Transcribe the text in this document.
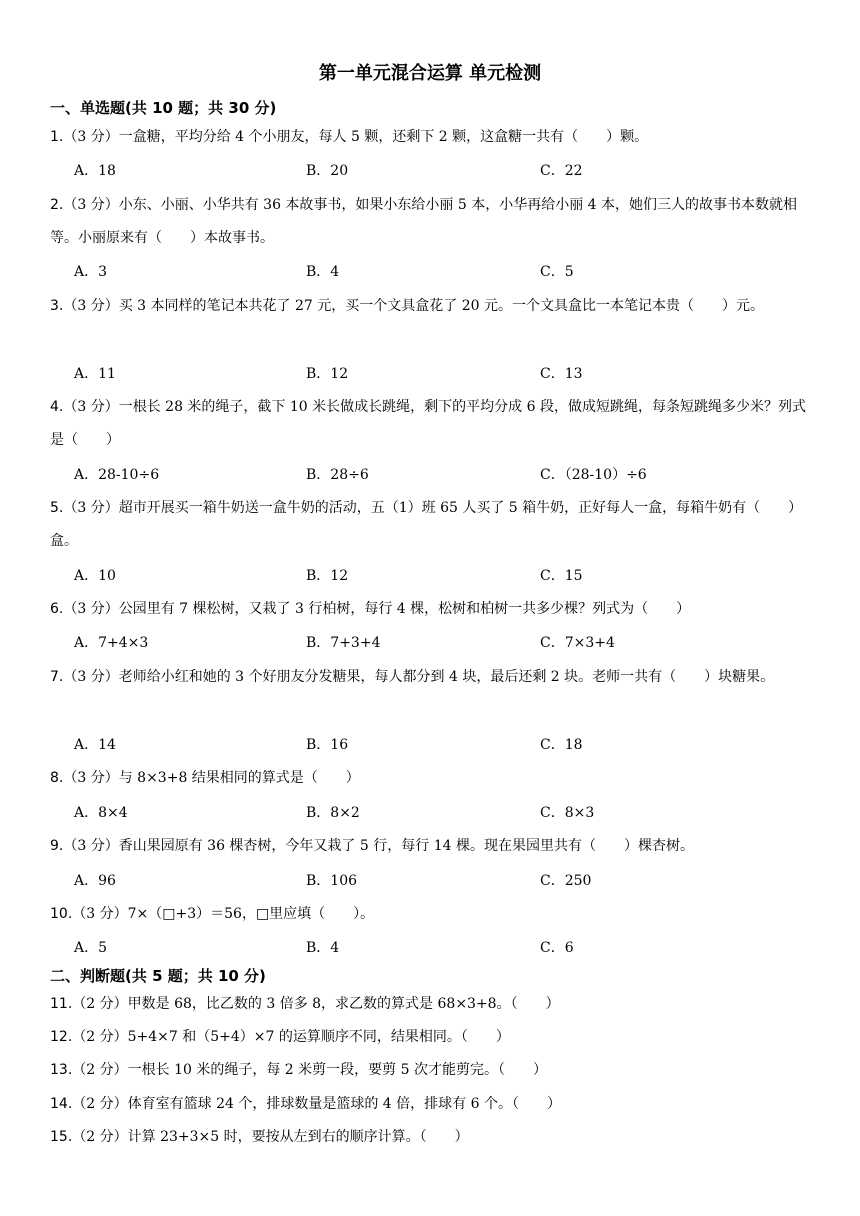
第一单元混合运算 单元检测
一、单选题(共 10 题；共 30 分)
1.（3 分）一盒糖，平均分给 4 个小朋友，每人 5 颗，还剩下 2 颗，这盒糖一共有（　　）颗。
A．18	B．20	C．22
2.（3 分）小东、小丽、小华共有 36 本故事书，如果小东给小丽 5 本，小华再给小丽 4 本，她们三人的故事书本数就相等。小丽原来有（　　）本故事书。
A．3	B．4	C．5
3.（3 分）买 3 本同样的笔记本共花了 27 元，买一个文具盒花了 20 元。一个文具盒比一本笔记本贵（　　）元。
A．11	B．12	C．13
4.（3 分）一根长 28 米的绳子，截下 10 米长做成长跳绳，剩下的平均分成 6 段，做成短跳绳，每条短跳绳多少米？列式是（　　）
A．28-10÷6	B．28÷6	C．（28-10）÷6
5.（3 分）超市开展买一箱牛奶送一盒牛奶的活动，五（1）班 65 人买了 5 箱牛奶，正好每人一盒，每箱牛奶有（　　）盒。
A．10	B．12	C．15
6.（3 分）公园里有 7 棵松树，又栽了 3 行柏树，每行 4 棵，松树和柏树一共多少棵？列式为（　　）
A．7+4×3	B．7+3+4	C．7×3+4
7.（3 分）老师给小红和她的 3 个好朋友分发糖果，每人都分到 4 块，最后还剩 2 块。老师一共有（　　）块糖果。
A．14	B．16	C．18
8.（3 分）与 8×3+8 结果相同的算式是（　　）
A．8×4	B．8×2	C．8×3
9.（3 分）香山果园原有 36 棵杏树，今年又栽了 5 行，每行 14 棵。现在果园里共有（　　）棵杏树。
A．96	B．106	C．250
10.（3 分）7×（□+3）＝56，□里应填（　　）。
A．5	B．4	C．6
二、判断题(共 5 题；共 10 分)
11.（2 分）甲数是 68，比乙数的 3 倍多 8，求乙数的算式是 68×3+8。（　　）
12.（2 分）5+4×7 和（5+4）×7 的运算顺序不同，结果相同。（　　）
13.（2 分）一根长 10 米的绳子，每 2 米剪一段，要剪 5 次才能剪完。（　　）
14.（2 分）体育室有篮球 24 个，排球数量是篮球的 4 倍，排球有 6 个。（　　）
15.（2 分）计算 23+3×5 时，要按从左到右的顺序计算。（　　）
